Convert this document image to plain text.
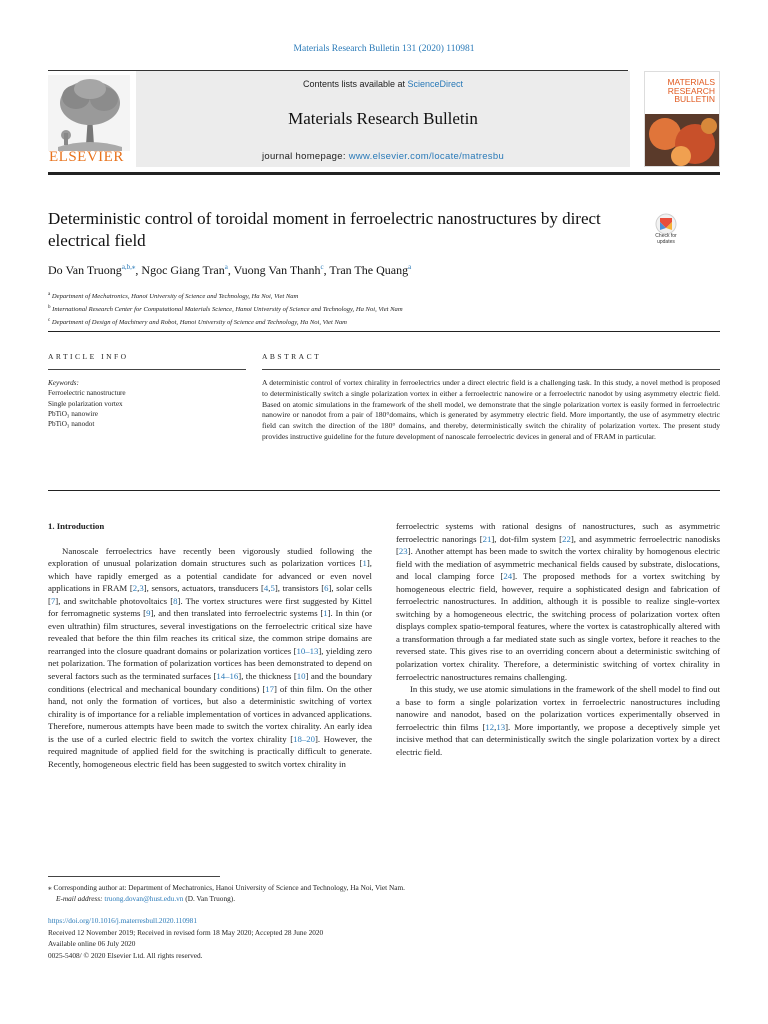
Materials Research Bulletin 131 (2020) 110981
ELSEVIER
Contents lists available at ScienceDirect
Materials Research Bulletin
journal homepage: www.elsevier.com/locate/matresbu
MATERIALS
RESEARCH
BULLETIN
Deterministic control of toroidal moment in ferroelectric nanostructures by direct electrical field	Check for updates
Do Van Truong$^{a,b,⁎}$, Ngoc Giang Tran$^a$, Vuong Van Thanh$^c$, Tran The Quang$^a$
$^a$ Department of Mechatronics, Hanoi University of Science and Technology, Ha Noi, Viet Nam
$^b$ International Research Center for Computational Materials Science, Hanoi University of Science and Technology, Ha Noi, Viet Nam
$^c$ Department of Design of Machinery and Robot, Hanoi University of Science and Technology, Ha Noi, Viet Nam
ARTICLE INFO	ABSTRACT
Keywords:
Ferroelectric nanostructure
Single polarization vortex
PbTiO₃ nanowire
PbTiO₃ nanodot
A deterministic control of vortex chirality in ferroelectrics under a direct electric field is a challenging task. In this study, a novel method is proposed to deterministically switch a single polarization vortex in either a ferroelectric nanowire or a ferroelectric nanodot by using asymmetry electric field. Based on atomic simulations in the framework of the shell model, we demonstrate that the single polarization vortex is easily formed in ferroelectric nanowire or nanodot from a pair of 180°domains, which is generated by asymmetry electric field. More importantly, the use of asymmetry electric field can switch the direction of the 180° domains, and thereby, deterministically switch the chirality of polarization vortex. The present study provides instructive guideline for the future development of nanoscale ferroelectric devices in general and of FRAM in particular.
1. Introduction

Nanoscale ferroelectrics have recently been vigorously studied following the exploration of unusual polarization domain structures such as polarization vortices [1], which have rapidly emerged as a potential candidate for advanced or even novel applications in FRAM [2,3], sensors, actuators, transducers [4,5], transistors [6], solar cells [7], and switchable photovoltaics [8]. The vortex structures were first suggested by Kittel for ferromagnetic systems [9], and then translated into ferroelectric systems [1]. In thin (or even ultrathin) film structures, several investigations on the ferroelectric critical size have revealed that before the thin film reaches its critical size, the common stripe domains are rearranged into the closure quadrant domains or polarization vortices [10–13], yielding zero net polarization. The formation of polarization vortices has been demonstrated to depend on several factors such as the terminated surfaces [14–16], the thickness [10] and the boundary conditions (electrical and mechanical boundary conditions) [17] of thin film. On the other hand, not only the formation of vortices, but also a deterministic switching of vortex chirality is of importance for a reliable implementation of vortices in advanced applications. Therefore, numerous attempts have been made to switch the vortex chirality. An early idea is the use of a curled electric field to switch the vortex chirality [18–20]. However, the required magnitude of applied field for the switching is practically difficult to generate. Recently, homogeneous electric field has been suggested to switch vortex chirality in

ferroelectric systems with rational designs of nanostructures, such as asymmetric ferroelectric nanorings [21], dot-film system [22], and asymmetric ferroelectric nanodisks [23]. Another attempt has been made to switch the vortex chirality by homogenous electric field with the mediation of asymmetric mechanical fields caused by substrate, dislocations, and local clamping force [24]. The proposed methods for a vortex switching by homogeneous electric field, however, require a sophisticated design and fabrication of ferroelectric nanostructures. In addition, although it is possible to realize single-vortex switching by a homogeneous electric, the switching process of polarization vortex often displays complex spatio-temporal features, where the vortex is catastrophically altered with a transformation through a far mediated state such as single vortex, before it reaches to the reversed state. This gives rise to an overriding concern about a deterministic switching of polarization vortex chirality. Therefore, a deterministic switching of vortex chirality in ferroelectric nanostructures remains challenging.

In this study, we use atomic simulations in the framework of the shell model to find out a base to form a single polarization vortex in ferroelectric nanostructures including nanowire and nanodot, based on the polarization vortices experimentally observed in ferroelectric thin films [12,13]. More importantly, we propose a deceptively simple yet incisive method that can deterministically switch the single polarization vortex by a direct electric field.

⁎ Corresponding author at: Department of Mechatronics, Hanoi University of Science and Technology, Ha Noi, Viet Nam.
E-mail address: truong.dovan@hust.edu.vn (D. Van Truong).
https://doi.org/10.1016/j.materresbull.2020.110981
Received 12 November 2019; Received in revised form 18 May 2020; Accepted 28 June 2020
Available online 06 July 2020
0025-5408/ © 2020 Elsevier Ltd. All rights reserved.
